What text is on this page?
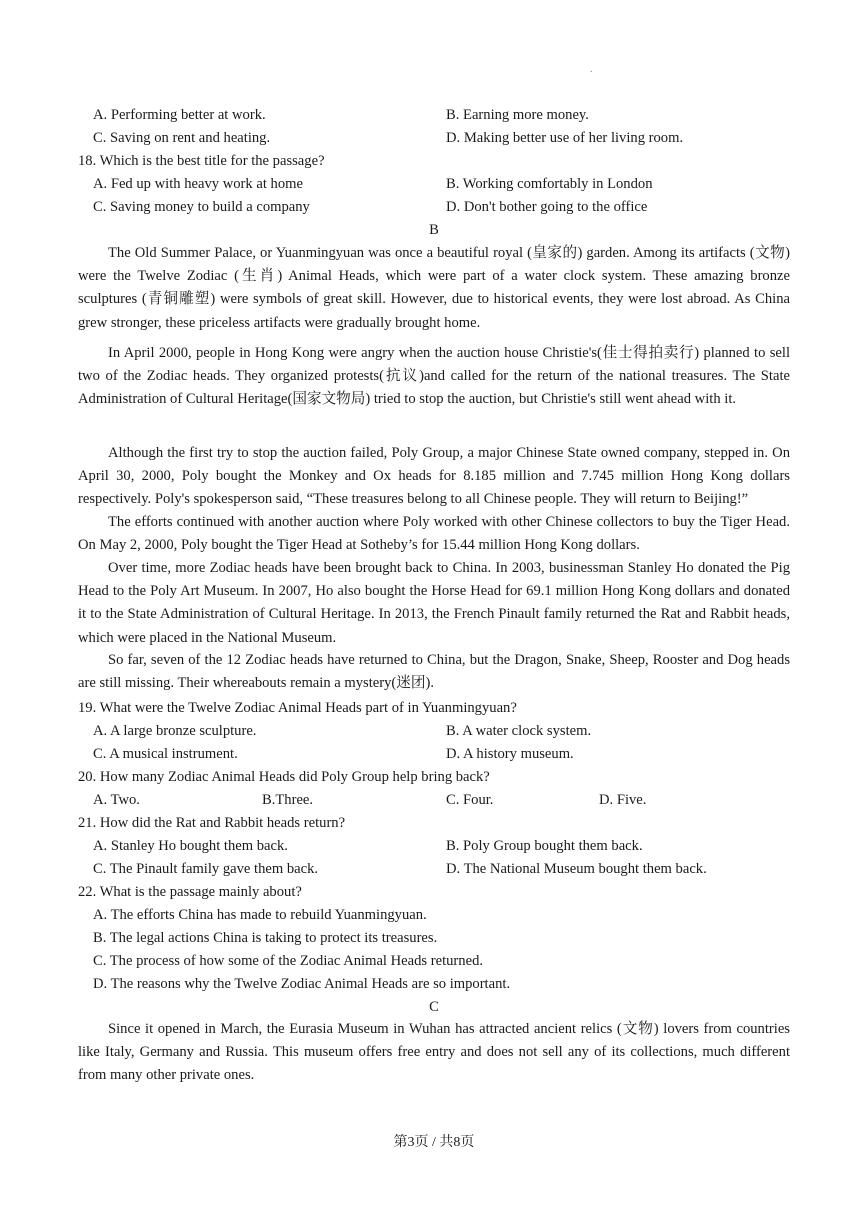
.
A. Performing better at work.	B. Earning more money.
C. Saving on rent and heating.	D. Making better use of her living room.
18. Which is the best title for the passage?
A. Fed up with heavy work at home	B. Working comfortably in London
C. Saving money to build a company	D. Don't bother going to the office
B
The Old Summer Palace, or Yuanmingyuan was once a beautiful royal (皇家的) garden. Among its artifacts (文物) were the Twelve Zodiac (生肖) Animal Heads, which were part of a water clock system. These amazing bronze sculptures (青铜雕塑) were symbols of great skill. However, due to historical events, they were lost abroad. As China grew stronger, these priceless artifacts were gradually brought home.
In April 2000, people in Hong Kong were angry when the auction house Christie's(佳士得拍卖行) planned to sell two of the Zodiac heads. They organized protests(抗议)and called for the return of the national treasures. The State Administration of Cultural Heritage(国家文物局) tried to stop the auction, but Christie's still went ahead with it.
Although the first try to stop the auction failed, Poly Group, a major Chinese State owned company, stepped in. On April 30, 2000, Poly bought the Monkey and Ox heads for 8.185 million and 7.745 million Hong Kong dollars respectively. Poly's spokesperson said, “These treasures belong to all Chinese people. They will return to Beijing!”
The efforts continued with another auction where Poly worked with other Chinese collectors to buy the Tiger Head. On May 2, 2000, Poly bought the Tiger Head at Sotheby’s for 15.44 million Hong Kong dollars.
Over time, more Zodiac heads have been brought back to China. In 2003, businessman Stanley Ho donated the Pig Head to the Poly Art Museum. In 2007, Ho also bought the Horse Head for 69.1 million Hong Kong dollars and donated it to the State Administration of Cultural Heritage. In 2013, the French Pinault family returned the Rat and Rabbit heads, which were placed in the National Museum.
So far, seven of the 12 Zodiac heads have returned to China, but the Dragon, Snake, Sheep, Rooster and Dog heads are still missing. Their whereabouts remain a mystery(迷团).
19. What were the Twelve Zodiac Animal Heads part of in Yuanmingyuan?
A. A large bronze sculpture.	B. A water clock system.
C. A musical instrument.	D. A history museum.
20. How many Zodiac Animal Heads did Poly Group help bring back?
A. Two.	B.Three.	C. Four.	D. Five.
21. How did the Rat and Rabbit heads return?
A. Stanley Ho bought them back.	B. Poly Group bought them back.
C. The Pinault family gave them back.	D. The National Museum bought them back.
22. What is the passage mainly about?
A. The efforts China has made to rebuild Yuanmingyuan.
B. The legal actions China is taking to protect its treasures.
C. The process of how some of the Zodiac Animal Heads returned.
D. The reasons why the Twelve Zodiac Animal Heads are so important.
C
Since it opened in March, the Eurasia Museum in Wuhan has attracted ancient relics (文物) lovers from countries like Italy, Germany and Russia. This museum offers free entry and does not sell any of its collections, much different from many other private ones.
第3页 / 共8页
